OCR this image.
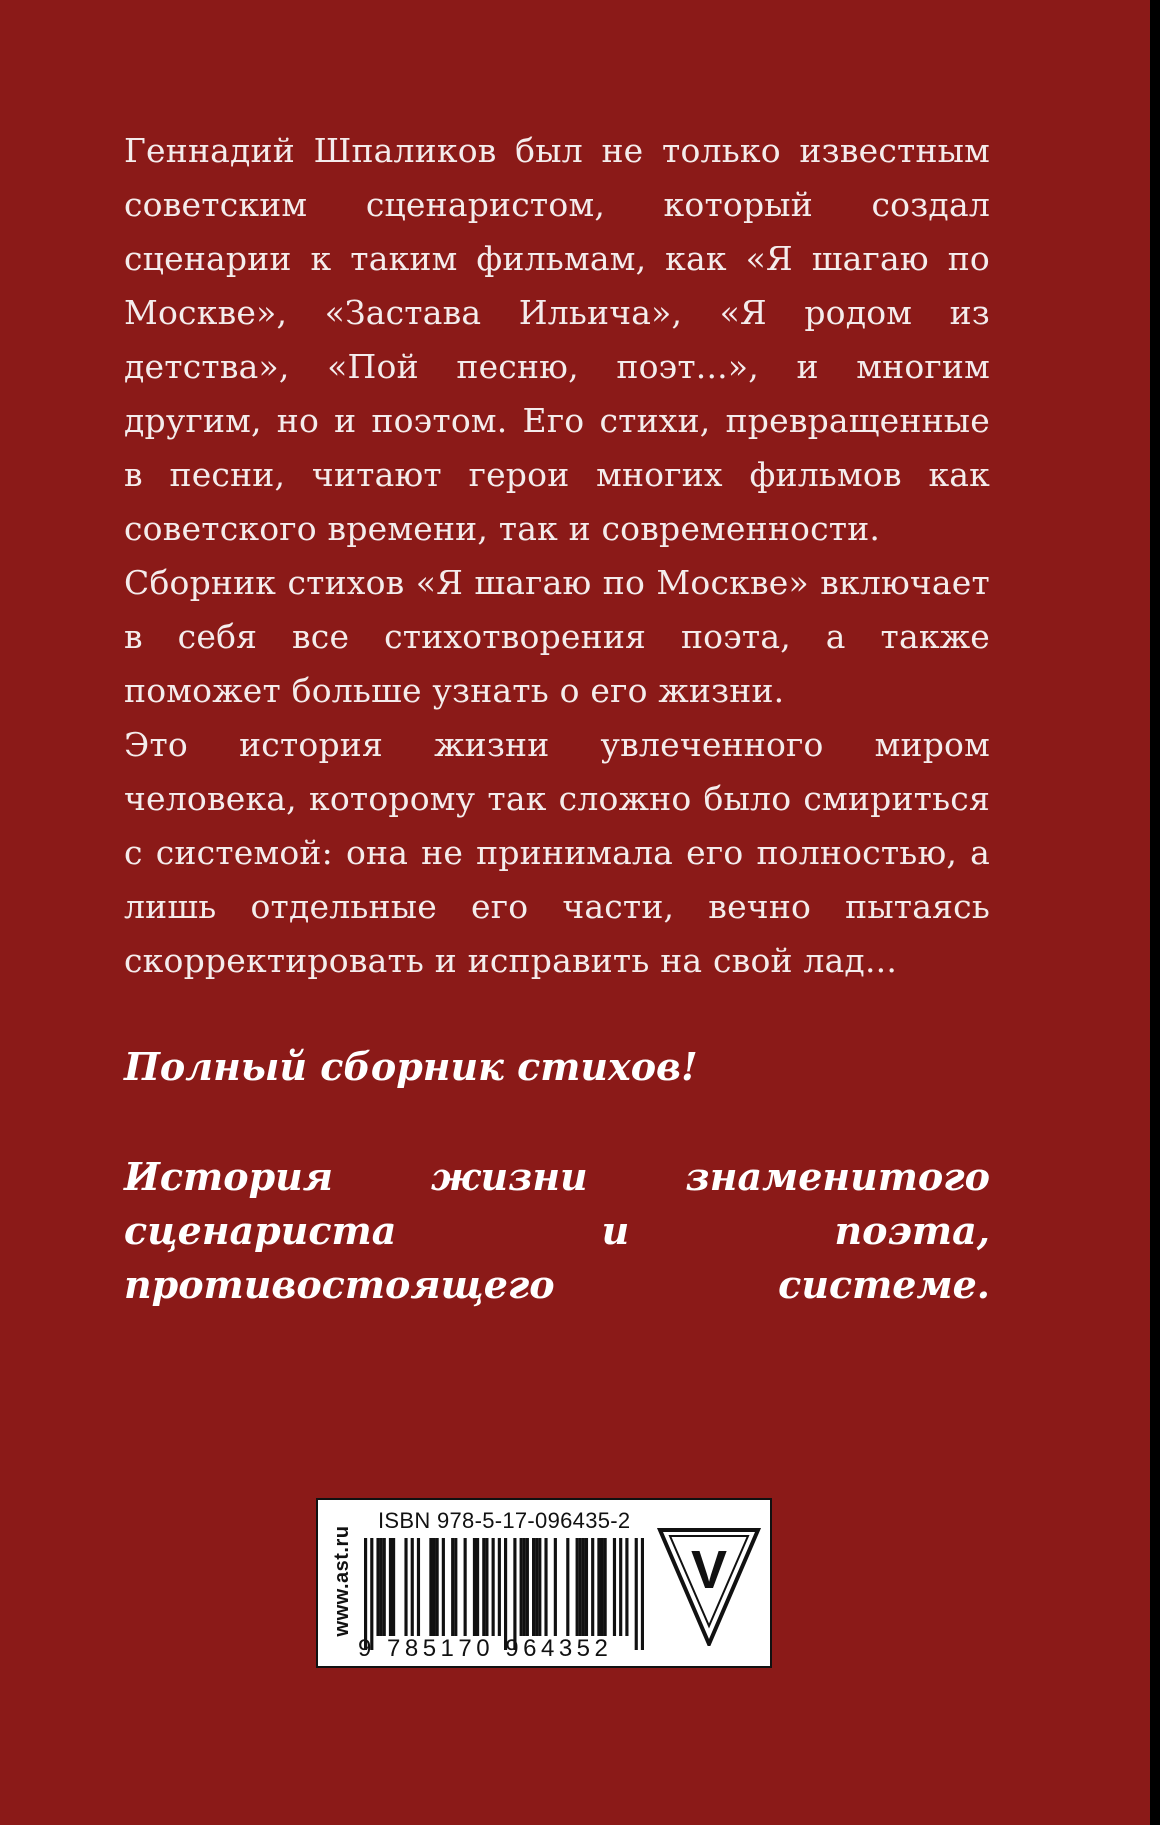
Геннадий Шпаликов был не только известным советским сценаристом, который создал сценарии к таким фильмам, как «Я шагаю по Москве», «Застава Ильича», «Я родом из детства», «Пой песню, поэт...», и многим другим, но и поэтом. Его стихи, превращенные в песни, читают герои многих фильмов как советского времени, так и современности.

Сборник стихов «Я шагаю по Москве» включает в себя все стихотворения поэта, а также поможет больше узнать о его жизни.

Это история жизни увлеченного миром человека, которому так сложно было смириться с системой: она не принимала его полностью, а лишь отдельные его части, вечно пытаясь скорректировать и исправить на свой лад...

Полный сборник стихов!
История жизни знаменитого сценариста и поэта, противостоящего системе.
www.ast.ru
ISBN 978-5-17-096435-2
9 785170 964352
V
